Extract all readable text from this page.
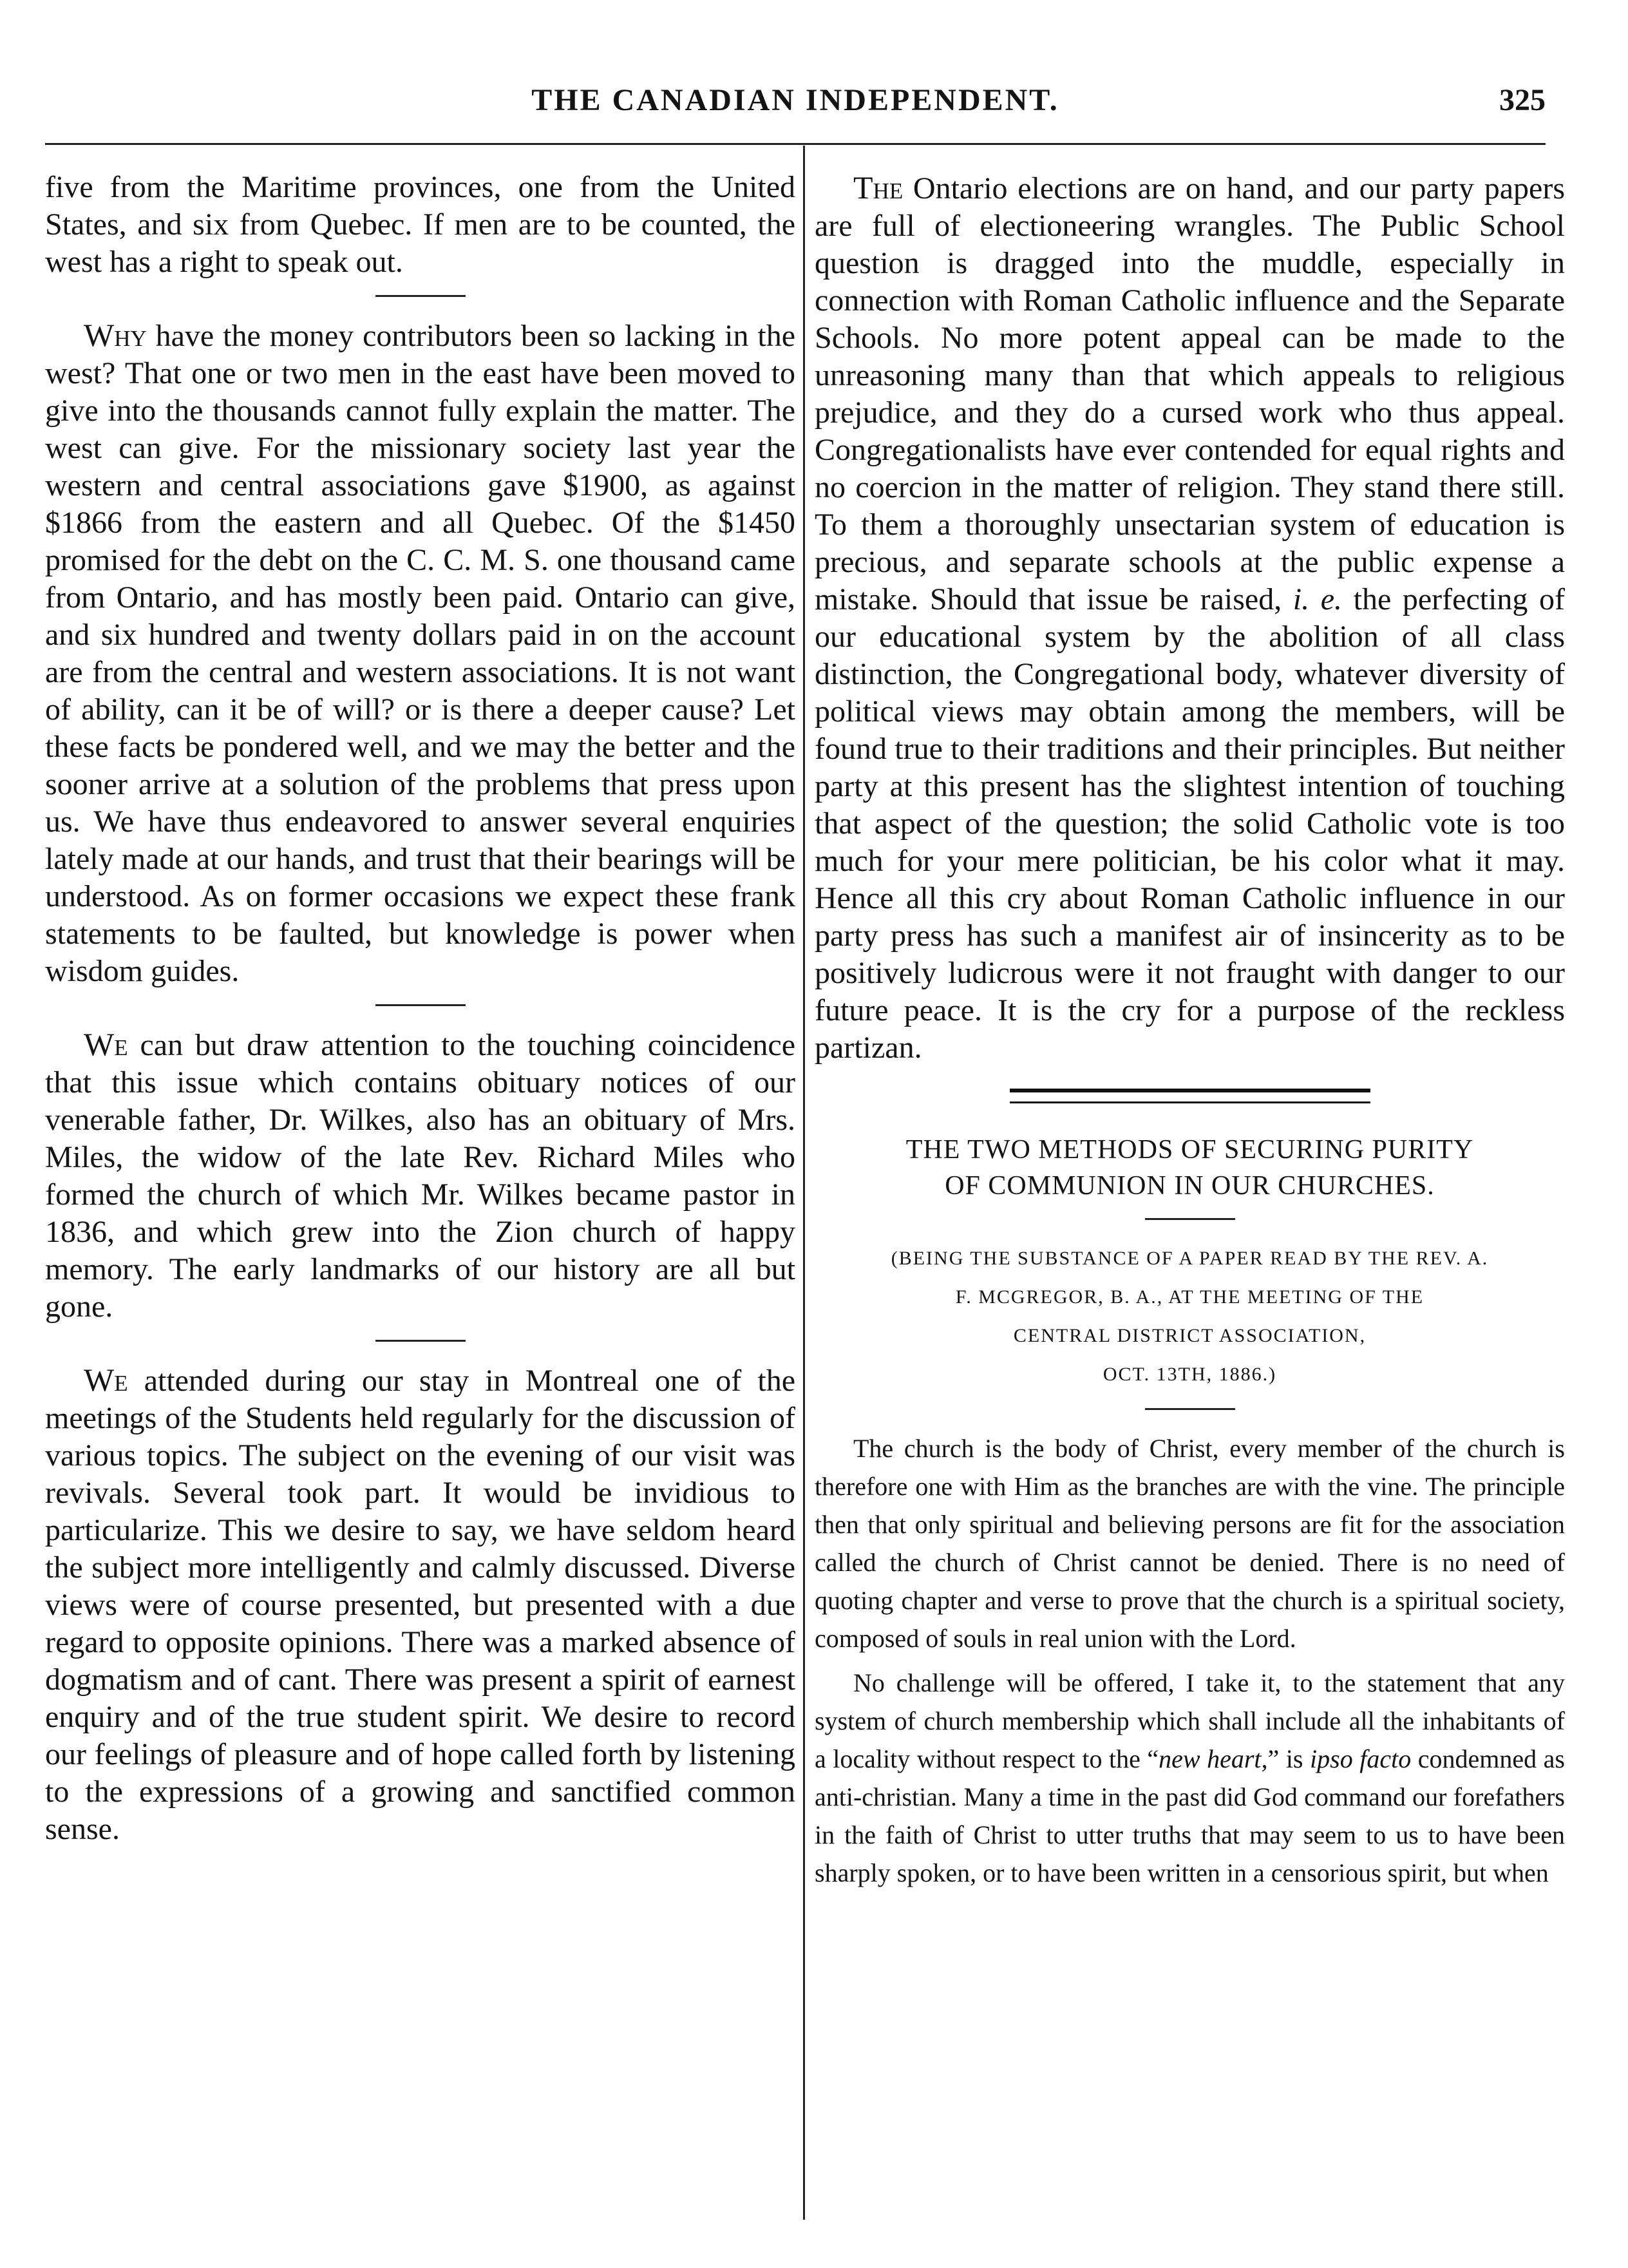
THE CANADIAN INDEPENDENT.	325

five from the Maritime provinces, one from the United States, and six from Quebec. If men are to be counted, the west has a right to speak out.

Why have the money contributors been so lacking in the west? That one or two men in the east have been moved to give into the thousands cannot fully explain the matter. The west can give. For the missionary society last year the western and central associations gave $1900, as against $1866 from the eastern and all Quebec. Of the $1450 promised for the debt on the C. C. M. S. one thousand came from Ontario, and has mostly been paid. Ontario can give, and six hundred and twenty dollars paid in on the account are from the central and western associations. It is not want of ability, can it be of will? or is there a deeper cause? Let these facts be pondered well, and we may the better and the sooner arrive at a solution of the problems that press upon us. We have thus endeavored to answer several enquiries lately made at our hands, and trust that their bearings will be understood. As on former occasions we expect these frank statements to be faulted, but knowledge is power when wisdom guides.

We can but draw attention to the touching coincidence that this issue which contains obituary notices of our venerable father, Dr. Wilkes, also has an obituary of Mrs. Miles, the widow of the late Rev. Richard Miles who formed the church of which Mr. Wilkes became pastor in 1836, and which grew into the Zion church of happy memory. The early landmarks of our history are all but gone.

We attended during our stay in Montreal one of the meetings of the Students held regularly for the discussion of various topics. The subject on the evening of our visit was revivals. Several took part. It would be invidious to particularize. This we desire to say, we have seldom heard the subject more intelligently and calmly discussed. Diverse views were of course presented, but presented with a due regard to opposite opinions. There was a marked absence of dogmatism and of cant. There was present a spirit of earnest enquiry and of the true student spirit. We desire to record our feelings of pleasure and of hope called forth by listening to the expressions of a growing and sanctified common sense.

The Ontario elections are on hand, and our party papers are full of electioneering wrangles. The Public School question is dragged into the muddle, especially in connection with Roman Catholic influence and the Separate Schools. No more potent appeal can be made to the unreasoning many than that which appeals to religious prejudice, and they do a cursed work who thus appeal. Congregationalists have ever contended for equal rights and no coercion in the matter of religion. They stand there still. To them a thoroughly unsectarian system of education is precious, and separate schools at the public expense a mistake. Should that issue be raised, i. e. the perfecting of our educational system by the abolition of all class distinction, the Congregational body, whatever diversity of political views may obtain among the members, will be found true to their traditions and their principles. But neither party at this present has the slightest intention of touching that aspect of the question; the solid Catholic vote is too much for your mere politician, be his color what it may. Hence all this cry about Roman Catholic influence in our party press has such a manifest air of insincerity as to be positively ludicrous were it not fraught with danger to our future peace. It is the cry for a purpose of the reckless partizan.

THE TWO METHODS OF SECURING PURITY
OF COMMUNION IN OUR CHURCHES.

(BEING THE SUBSTANCE OF A PAPER READ BY THE REV. A.
F. MCGREGOR, B. A., AT THE MEETING OF THE
CENTRAL DISTRICT ASSOCIATION,
OCT. 13TH, 1886.)

The church is the body of Christ, every member of the church is therefore one with Him as the branches are with the vine. The principle then that only spiritual and believing persons are fit for the association called the church of Christ cannot be denied. There is no need of quoting chapter and verse to prove that the church is a spiritual society, composed of souls in real union with the Lord.

No challenge will be offered, I take it, to the statement that any system of church membership which shall include all the inhabitants of a locality without respect to the “new heart,” is ipso facto condemned as anti-christian. Many a time in the past did God command our forefathers in the faith of Christ to utter truths that may seem to us to have been sharply spoken, or to have been written in a censorious spirit, but when
